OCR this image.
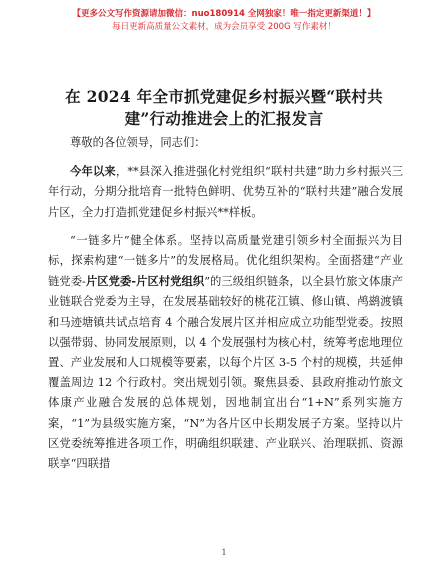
【更多公文写作资源请加微信：nuo180914 全网独家！唯一指定更新渠道！】
每日更新高质量公文素材，成为会员享受 200G 写作素材！
在 2024 年全市抓党建促乡村振兴暨“联村共
建”行动推进会上的汇报发言

尊敬的各位领导，同志们：

今年以来，**县深入推进强化村党组织“联村共建”助力乡村振兴三年行动，分期分批培育一批特色鲜明、优势互补的“联村共建”融合发展片区，全力打造抓党建促乡村振兴**样板。

“一链多片”健全体系。坚持以高质量党建引领乡村全面振兴为目标，探索构建“一链多片”的发展格局。优化组织架构。全面搭建“产业链党委-片区党委-片区村党组织”的三级组织链条，以全县竹旅文体康产业链联合党委为主导，在发展基础较好的桃花江镇、修山镇、鸬鹚渡镇和马迹塘镇共试点培育 4 个融合发展片区并相应成立功能型党委。按照以强带弱、协同发展原则，以 4 个发展强村为核心村，统筹考虑地理位置、产业发展和人口规模等要素，以每个片区 3-5 个村的规模，共延伸覆盖周边 12 个行政村。突出规划引领。聚焦县委、县政府推动竹旅文体康产业融合发展的总体规划，因地制宜出台“1+N”系列实施方案，“1”为县级实施方案，“N”为各片区中长期发展子方案。坚持以片区党委统筹推进各项工作，明确组织联建、产业联兴、治理联抓、资源联享“四联措

1
